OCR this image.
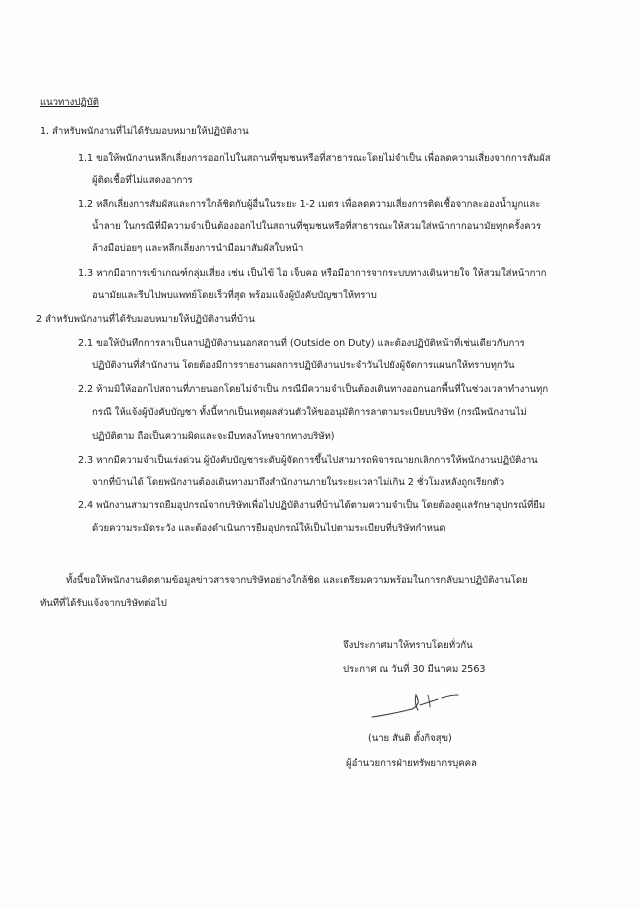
แนวทางปฏิบัติ
1. สำหรับพนักงานที่ไม่ได้รับมอบหมายให้ปฏิบัติงาน
1.1 ขอให้พนักงานหลีกเลี่ยงการออกไปในสถานที่ชุมชนหรือที่สาธารณะโดยไม่จำเป็น เพื่อลดความเสี่ยงจากการสัมผัส
ผู้ติดเชื้อที่ไม่แสดงอาการ
1.2 หลีกเลี่ยงการสัมผัสและการใกล้ชิดกับผู้อื่นในระยะ 1-2 เมตร เพื่อลดความเสี่ยงการติดเชื้อจากละอองน้ำมูกและ
น้ำลาย ในกรณีที่มีความจำเป็นต้องออกไปในสถานที่ชุมชนหรือที่สาธารณะให้สวมใส่หน้ากากอนามัยทุกครั้งควร
ล้างมือบ่อยๆ และหลีกเลี่ยงการนำมือมาสัมผัสใบหน้า
1.3 หากมีอาการเข้าเกณฑ์กลุ่มเสี่ยง เช่น เป็นไข้ ไอ เจ็บคอ หรือมีอาการจากระบบทางเดินหายใจ ให้สวมใส่หน้ากาก
อนามัยและรีบไปพบแพทย์โดยเร็วที่สุด พร้อมแจ้งผู้บังคับบัญชาให้ทราบ
2 สำหรับพนักงานที่ได้รับมอบหมายให้ปฏิบัติงานที่บ้าน
2.1 ขอให้บันทึกการลาเป็นลาปฏิบัติงานนอกสถานที่ (Outside on Duty) และต้องปฏิบัติหน้าที่เช่นเดียวกับการ
ปฏิบัติงานที่สำนักงาน โดยต้องมีการรายงานผลการปฏิบัติงานประจำวันไปยังผู้จัดการแผนกให้ทราบทุกวัน
2.2 ห้ามมิให้ออกไปสถานที่ภายนอกโดยไม่จำเป็น กรณีมีความจำเป็นต้องเดินทางออกนอกพื้นที่ในช่วงเวลาทำงานทุก
กรณี ให้แจ้งผู้บังคับบัญชา ทั้งนี้หากเป็นเหตุผลส่วนตัวให้ขออนุมัติการลาตามระเบียบบริษัท (กรณีพนักงานไม่
ปฏิบัติตาม ถือเป็นความผิดและจะมีบทลงโทษจากทางบริษัท)
2.3 หากมีความจำเป็นเร่งด่วน ผู้บังคับบัญชาระดับผู้จัดการขึ้นไปสามารถพิจารณายกเลิกการให้พนักงานปฏิบัติงาน
จากที่บ้านได้ โดยพนักงานต้องเดินทางมาถึงสำนักงานภายในระยะเวลาไม่เกิน 2 ชั่วโมงหลังถูกเรียกตัว
2.4 พนักงานสามารถยืมอุปกรณ์จากบริษัทเพื่อไปปฏิบัติงานที่บ้านได้ตามความจำเป็น โดยต้องดูแลรักษาอุปกรณ์ที่ยืม
ด้วยความระมัดระวัง และต้องดำเนินการยืมอุปกรณ์ให้เป็นไปตามระเบียบที่บริษัทกำหนด
ทั้งนี้ขอให้พนักงานติดตามข้อมูลข่าวสารจากบริษัทอย่างใกล้ชิด และเตรียมความพร้อมในการกลับมาปฏิบัติงานโดย
ทันทีที่ได้รับแจ้งจากบริษัทต่อไป
จึงประกาศมาให้ทราบโดยทั่วกัน
ประกาศ ณ วันที่ 30 มีนาคม 2563
(นาย สันติ ตั้งกิจสุข)
ผู้อำนวยการฝ่ายทรัพยากรบุคคล
